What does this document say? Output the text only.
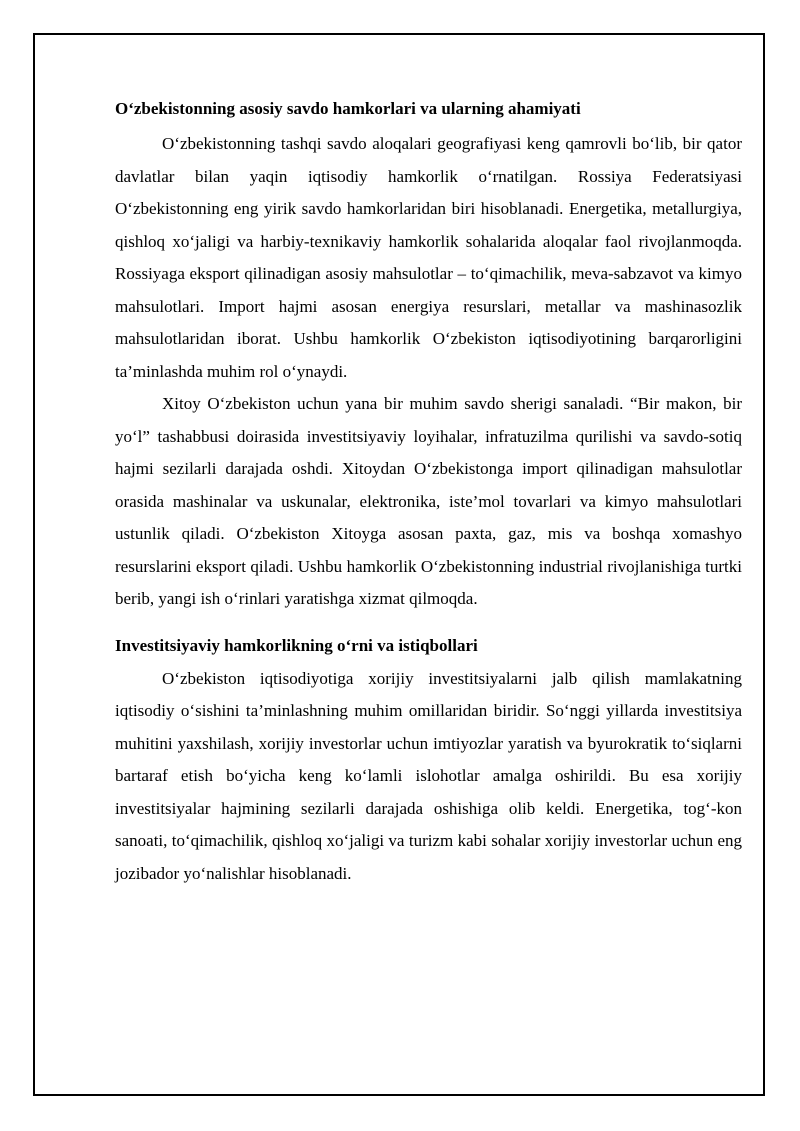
O‘zbekistonning asosiy savdo hamkorlari va ularning ahamiyati

O‘zbekistonning tashqi savdo aloqalari geografiyasi keng qamrovli bo‘lib, bir qator davlatlar bilan yaqin iqtisodiy hamkorlik o‘rnatilgan. Rossiya Federatsiyasi O‘zbekistonning eng yirik savdo hamkorlaridan biri hisoblanadi. Energetika, metallurgiya, qishloq xo‘jaligi va harbiy-texnikaviy hamkorlik sohalarida aloqalar faol rivojlanmoqda. Rossiyaga eksport qilinadigan asosiy mahsulotlar – to‘qimachilik, meva-sabzavot va kimyo mahsulotlari. Import hajmi asosan energiya resurslari, metallar va mashinasozlik mahsulotlaridan iborat. Ushbu hamkorlik O‘zbekiston iqtisodiyotining barqarorligini ta’minlashda muhim rol o‘ynaydi.

Xitoy O‘zbekiston uchun yana bir muhim savdo sherigi sanaladi. “Bir makon, bir yo‘l” tashabbusi doirasida investitsiyaviy loyihalar, infratuzilma qurilishi va savdo-sotiq hajmi sezilarli darajada oshdi. Xitoydan O‘zbekistonga import qilinadigan mahsulotlar orasida mashinalar va uskunalar, elektronika, iste’mol tovarlari va kimyo mahsulotlari ustunlik qiladi. O‘zbekiston Xitoyga asosan paxta, gaz, mis va boshqa xomashyo resurslarini eksport qiladi. Ushbu hamkorlik O‘zbekistonning industrial rivojlanishiga turtki berib, yangi ish o‘rinlari yaratishga xizmat qilmoqda.

Investitsiyaviy hamkorlikning o‘rni va istiqbollari

O‘zbekiston iqtisodiyotiga xorijiy investitsiyalarni jalb qilish mamlakatning iqtisodiy o‘sishini ta’minlashning muhim omillaridan biridir. So‘nggi yillarda investitsiya muhitini yaxshilash, xorijiy investorlar uchun imtiyozlar yaratish va byurokratik to‘siqlarni bartaraf etish bo‘yicha keng ko‘lamli islohotlar amalga oshirildi. Bu esa xorijiy investitsiyalar hajmining sezilarli darajada oshishiga olib keldi. Energetika, tog‘-kon sanoati, to‘qimachilik, qishloq xo‘jaligi va turizm kabi sohalar xorijiy investorlar uchun eng jozibador yo‘nalishlar hisoblanadi.
